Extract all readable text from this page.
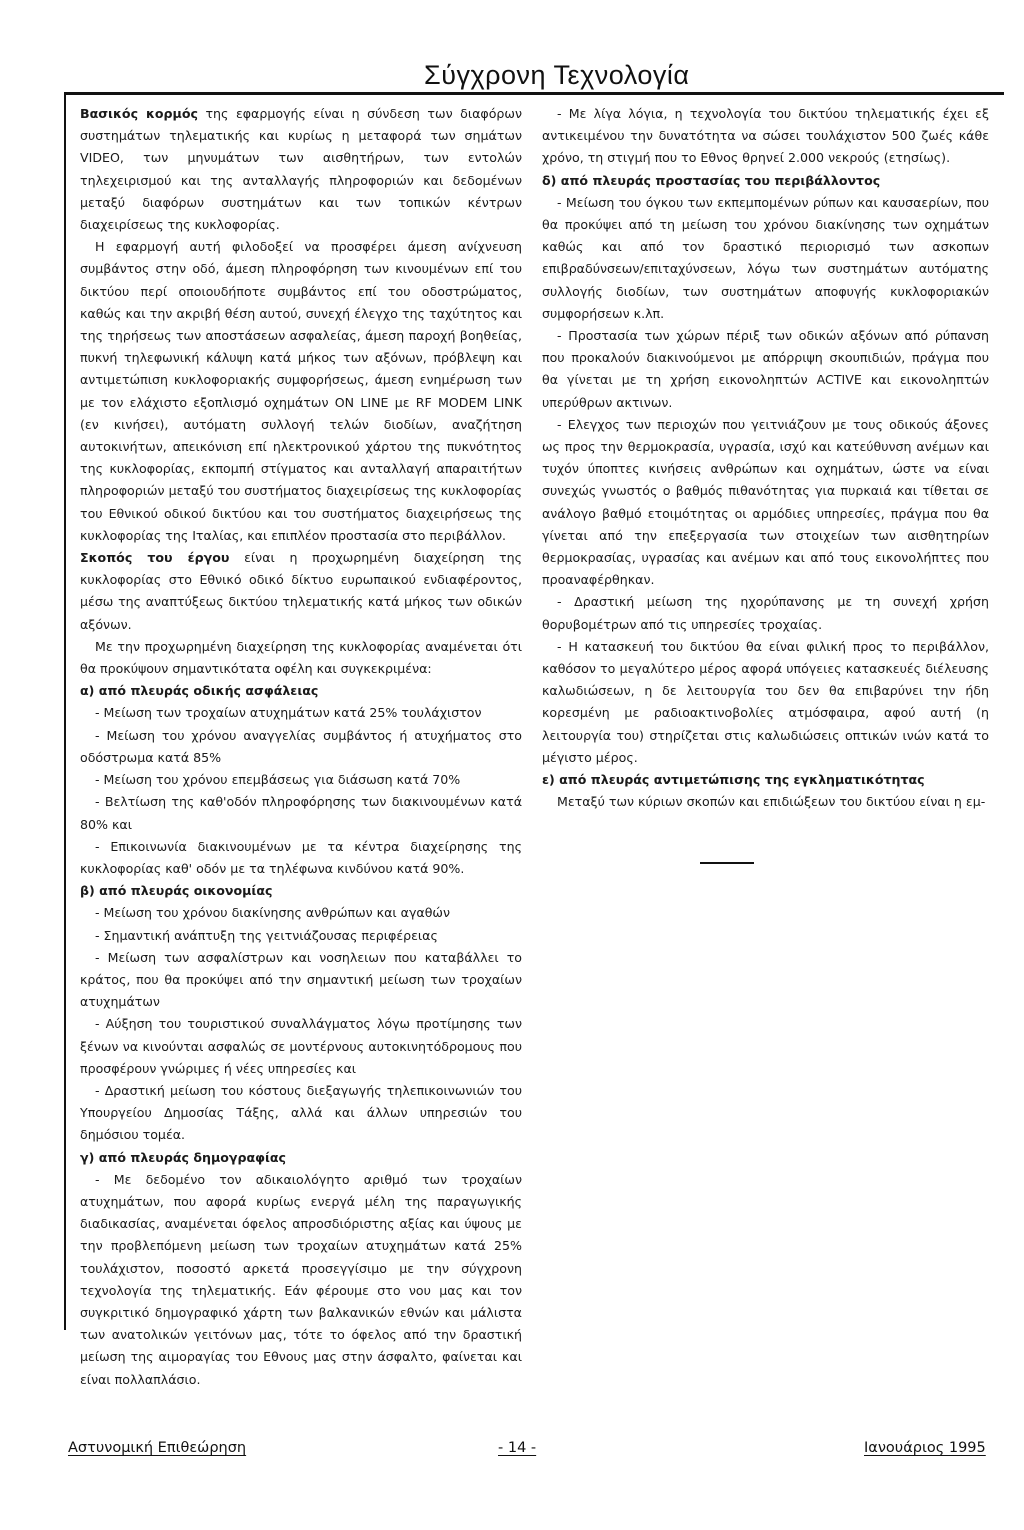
Σύγχρονη Τεχνολογία

Βασικός κορμός της εφαρμογής είναι η σύνδεση των διαφόρων συστημάτων τηλεματικής και κυρίως η μεταφορά των σημάτων VIDEO, των μηνυμάτων των αισθητήρων, των εντολών τηλεχειρισμού και της ανταλλαγής πληροφοριών και δεδομένων μεταξύ διαφόρων συστημάτων και των τοπικών κέντρων διαχειρίσεως της κυκλοφορίας.

Η εφαρμογή αυτή φιλοδοξεί να προσφέρει άμεση ανίχνευση συμβάντος στην οδό, άμεση πληροφόρηση των κινουμένων επί του δικτύου περί οποιουδήποτε συμβάντος επί του οδοστρώματος, καθώς και την ακριβή θέση αυτού, συνεχή έλεγχο της ταχύτητος και της τηρήσεως των αποστάσεων ασφαλείας, άμεση παροχή βοηθείας, πυκνή τηλεφωνική κάλυψη κατά μήκος των αξόνων, πρόβλεψη και αντιμετώπιση κυκλοφοριακής συμφορήσεως, άμεση ενημέρωση των με τον ελάχιστο εξοπλισμό οχημάτων ON LINE με RF MODEM LINK (εν κινήσει), αυτόματη συλλογή τελών διοδίων, αναζήτηση αυτοκινήτων, απεικόνιση επί ηλεκτρονικού χάρτου της πυκνότητος της κυκλοφορίας, εκπομπή στίγματος και ανταλλαγή απαραιτήτων πληροφοριών μεταξύ του συστήματος διαχειρίσεως της κυκλοφορίας του Εθνικού οδικού δικτύου και του συστήματος διαχειρήσεως της κυκλοφορίας της Ιταλίας, και επιπλέον προστασία στο περιβάλλον.

Σκοπός του έργου είναι η προχωρημένη διαχείρηση της κυκλοφορίας στο Εθνικό οδικό δίκτυο ευρωπαικού ενδιαφέροντος, μέσω της αναπτύξεως δικτύου τηλεματικής κατά μήκος των οδικών αξόνων.

Με την προχωρημένη διαχείρηση της κυκλοφορίας αναμένεται ότι θα προκύψουν σημαντικότατα οφέλη και συγκεκριμένα:

α) από πλευράς οδικής ασφάλειας

- Μείωση των τροχαίων ατυχημάτων κατά 25% τουλάχιστον

- Μείωση του χρόνου αναγγελίας συμβάντος ή ατυχήματος στο οδόστρωμα κατά 85%

- Μείωση του χρόνου επεμβάσεως για διάσωση κατά 70%

- Βελτίωση της καθ'οδόν πληροφόρησης των διακινουμένων κατά 80% και

- Επικοινωνία διακινουμένων με τα κέντρα διαχείρησης της κυκλοφορίας καθ' οδόν με τα τηλέφωνα κινδύνου κατά 90%.

β) από πλευράς οικονομίας

- Μείωση του χρόνου διακίνησης ανθρώπων και αγαθών

- Σημαντική ανάπτυξη της γειτνιάζουσας περιφέρειας

- Μείωση των ασφαλίστρων και νοσηλειων που καταβάλλει το κράτος, που θα προκύψει από την σημαντική μείωση των τροχαίων ατυχημάτων

- Αύξηση του τουριστικού συναλλάγματος λόγω προτίμησης των ξένων να κινούνται ασφαλώς σε μοντέρνους αυτοκινητόδρομους που προσφέρουν γνώριμες ή νέες υπηρεσίες και

- Δραστική μείωση του κόστους διεξαγωγής τηλεπικοινωνιών του Υπουργείου Δημοσίας Τάξης, αλλά και άλλων υπηρεσιών του δημόσιου τομέα.

γ) από πλευράς δημογραφίας

- Με δεδομένο τον αδικαιολόγητο αριθμό των τροχαίων ατυχημάτων, που αφορά κυρίως ενεργά μέλη της παραγωγικής διαδικασίας, αναμένεται όφελος απροσδιόριστης αξίας και ύψους με την προβλεπόμενη μείωση των τροχαίων ατυχημάτων κατά 25% τουλάχιστον, ποσοστό αρκετά προσεγγίσιμο με την σύγχρονη τεχνολογία της τηλεματικής. Εάν φέρουμε στο νου μας και τον συγκριτικό δημογραφικό χάρτη των βαλκανικών εθνών και μάλιστα των ανατολικών γειτόνων μας, τότε το όφελος από την δραστική μείωση της αιμοραγίας του Εθνους μας στην άσφαλτο, φαίνεται και είναι πολλαπλάσιο.

- Με λίγα λόγια, η τεχνολογία του δικτύου τηλεματικής έχει εξ αντικειμένου την δυνατότητα να σώσει τουλάχιστον 500 ζωές κάθε χρόνο, τη στιγμή που το Εθνος θρηνεί 2.000 νεκρούς (ετησίως).

δ) από πλευράς προστασίας του περιβάλλοντος

- Μείωση του όγκου των εκπεμπομένων ρύπων και καυσαερίων, που θα προκύψει από τη μείωση του χρόνου διακίνησης των οχημάτων καθώς και από τον δραστικό περιορισμό των ασκοπων επιβραδύνσεων/επιταχύνσεων, λόγω των συστημάτων αυτόματης συλλογής διοδίων, των συστημάτων αποφυγής κυκλοφοριακών συμφορήσεων κ.λπ.

- Προστασία των χώρων πέριξ των οδικών αξόνων από ρύπανση που προκαλούν διακινούμενοι με απόρριψη σκουπιδιών, πράγμα που θα γίνεται με τη χρήση εικονοληπτών ACTIVE και εικονοληπτών υπερύθρων ακτινων.

- Ελεγχος των περιοχών που γειτνιάζουν με τους οδικούς άξονες ως προς την θερμοκρασία, υγρασία, ισχύ και κατεύθυνση ανέμων και τυχόν ύποπτες κινήσεις ανθρώπων και οχημάτων, ώστε να είναι συνεχώς γνωστός ο βαθμός πιθανότητας για πυρκαιά και τίθεται σε ανάλογο βαθμό ετοιμότητας οι αρμόδιες υπηρεσίες, πράγμα που θα γίνεται από την επεξεργασία των στοιχείων των αισθητηρίων θερμοκρασίας, υγρασίας και ανέμων και από τους εικονολήπτες που προαναφέρθηκαν.

- Δραστική μείωση της ηχορύπανσης με τη συνεχή χρήση θορυβομέτρων από τις υπηρεσίες τροχαίας.

- Η κατασκευή του δικτύου θα είναι φιλική προς το περιβάλλον, καθόσον το μεγαλύτερο μέρος αφορά υπόγειες κατασκευές διέλευσης καλωδιώσεων, η δε λειτουργία του δεν θα επιβαρύνει την ήδη κορεσμένη με ραδιοακτινοβολίες ατμόσφαιρα, αφού αυτή (η λειτουργία του) στηρίζεται στις καλωδιώσεις οπτικών ινών κατά το μέγιστο μέρος.

ε) από πλευράς αντιμετώπισης της εγκληματικότητας

Μεταξύ των κύριων σκοπών και επιδιώξεων του δικτύου είναι η εμ-

Αστυνομική Επιθεώρηση	- 14 -	Ιανουάριος 1995
